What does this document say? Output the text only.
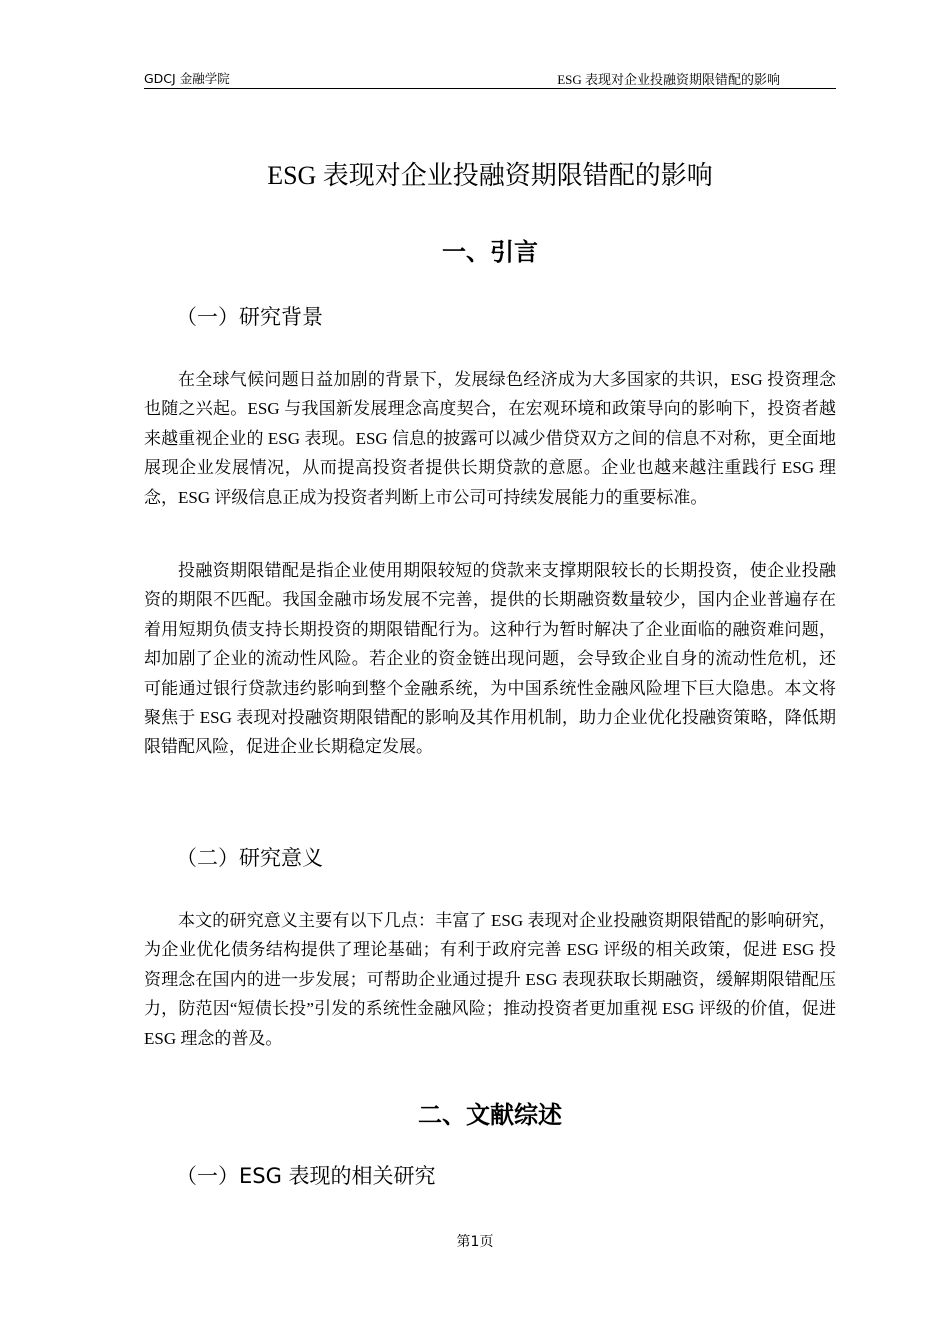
GDCJ 金融学院	ESG 表现对企业投融资期限错配的影响
ESG 表现对企业投融资期限错配的影响
一、引言
（一）研究背景

在全球气候问题日益加剧的背景下，发展绿色经济成为大多国家的共识，ESG 投资理念也随之兴起。ESG 与我国新发展理念高度契合，在宏观环境和政策导向的影响下，投资者越来越重视企业的 ESG 表现。ESG 信息的披露可以减少借贷双方之间的信息不对称，更全面地展现企业发展情况，从而提高投资者提供长期贷款的意愿。企业也越来越注重践行 ESG 理念，ESG 评级信息正成为投资者判断上市公司可持续发展能力的重要标准。

投融资期限错配是指企业使用期限较短的贷款来支撑期限较长的长期投资，使企业投融资的期限不匹配。我国金融市场发展不完善，提供的长期融资数量较少，国内企业普遍存在着用短期负债支持长期投资的期限错配行为。这种行为暂时解决了企业面临的融资难问题，却加剧了企业的流动性风险。若企业的资金链出现问题，会导致企业自身的流动性危机，还可能通过银行贷款违约影响到整个金融系统，为中国系统性金融风险埋下巨大隐患。本文将聚焦于 ESG 表现对投融资期限错配的影响及其作用机制，助力企业优化投融资策略，降低期限错配风险，促进企业长期稳定发展。

（二）研究意义

本文的研究意义主要有以下几点：丰富了 ESG 表现对企业投融资期限错配的影响研究，为企业优化债务结构提供了理论基础；有利于政府完善 ESG 评级的相关政策，促进 ESG 投资理念在国内的进一步发展；可帮助企业通过提升 ESG 表现获取长期融资，缓解期限错配压力，防范因“短债长投”引发的系统性金融风险；推动投资者更加重视 ESG 评级的价值，促进 ESG 理念的普及。

二、文献综述
（一）ESG 表现的相关研究
第1页
